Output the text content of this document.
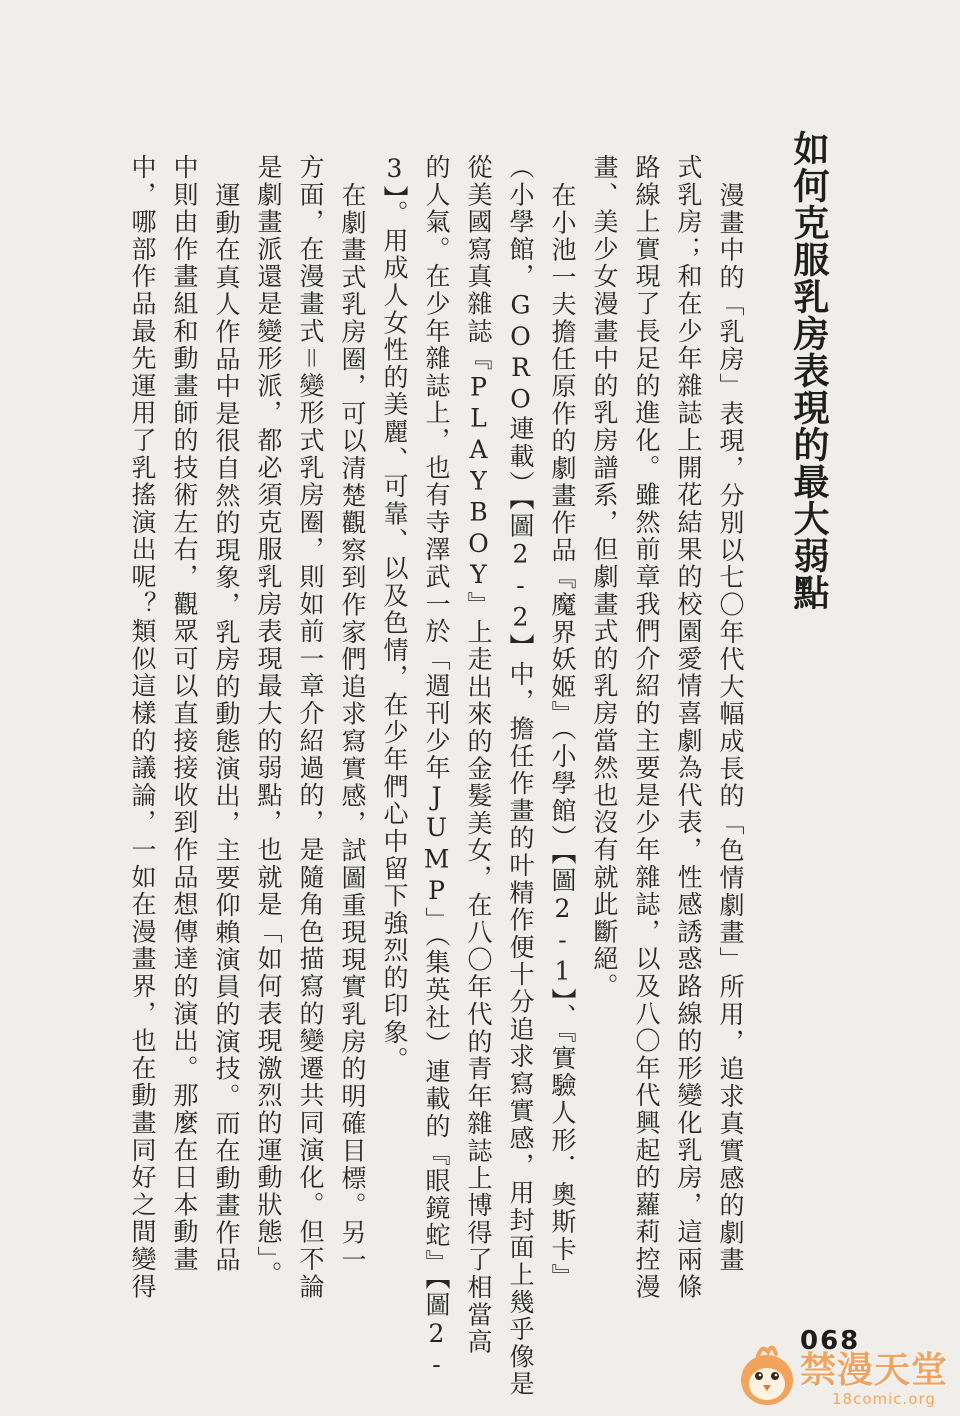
如何克服乳房表現的最大弱點
漫畫中的「乳房」表現，分別以七〇年代大幅成長的「色情劇畫」所用，追求真實感的劇畫
式乳房；和在少年雜誌上開花結果的校園愛情喜劇為代表，性感誘惑路線的形變化乳房，這兩條
路線上實現了長足的進化。雖然前章我們介紹的主要是少年雜誌，以及八〇年代興起的蘿莉控漫
畫、美少女漫畫中的乳房譜系，但劇畫式的乳房當然也沒有就此斷絕。
在小池一夫擔任原作的劇畫作品『魔界妖姬』（小學館）【圖2-1】、『實驗人形．奧斯卡』
（小學館，GORO連載）【圖2-2】中，擔任作畫的叶精作便十分追求寫實感，用封面上幾乎像是
從美國寫真雜誌『PLAYBOY』上走出來的金髮美女，在八〇年代的青年雜誌上博得了相當高
的人氣。在少年雜誌上，也有寺澤武一於「週刊少年JUMP」（集英社）連載的『眼鏡蛇』【圖2-
3】。用成人女性的美麗、可靠、以及色情，在少年們心中留下強烈的印象。
在劇畫式乳房圈，可以清楚觀察到作家們追求寫實感，試圖重現現實乳房的明確目標。另一
方面，在漫畫式＝變形式乳房圈，則如前一章介紹過的，是隨角色描寫的變遷共同演化。但不論
是劇畫派還是變形派，都必須克服乳房表現最大的弱點，也就是「如何表現激烈的運動狀態」。
運動在真人作品中是很自然的現象，乳房的動態演出，主要仰賴演員的演技。而在動畫作品
中則由作畫組和動畫師的技術左右，觀眾可以直接接收到作品想傳達的演出。那麼在日本動畫
中，哪部作品最先運用了乳搖演出呢？類似這樣的議論，一如在漫畫界，也在動畫同好之間變得
068
禁漫天堂
18comic.org
